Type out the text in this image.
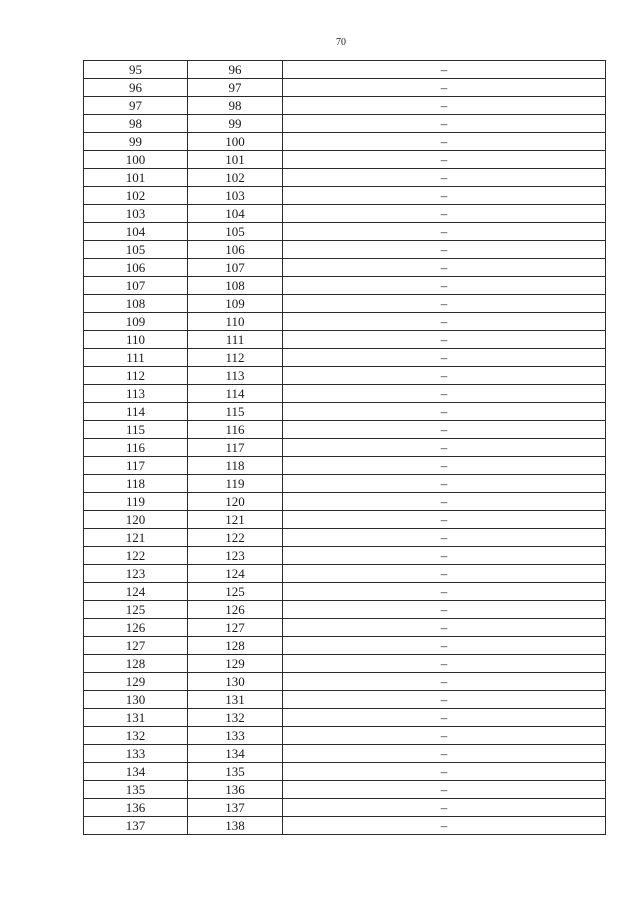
70
95	96	–
96	97	–
97	98	–
98	99	–
99	100	–
100	101	–
101	102	–
102	103	–
103	104	–
104	105	–
105	106	–
106	107	–
107	108	–
108	109	–
109	110	–
110	111	–
111	112	–
112	113	–
113	114	–
114	115	–
115	116	–
116	117	–
117	118	–
118	119	–
119	120	–
120	121	–
121	122	–
122	123	–
123	124	–
124	125	–
125	126	–
126	127	–
127	128	–
128	129	–
129	130	–
130	131	–
131	132	–
132	133	–
133	134	–
134	135	–
135	136	–
136	137	–
137	138	–
